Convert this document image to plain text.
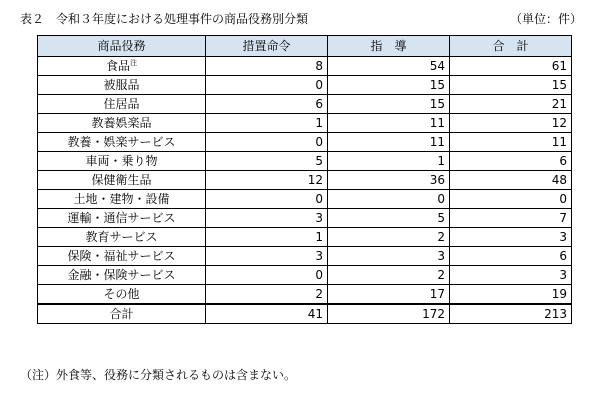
表２　令和３年度における処理事件の商品役務別分類	（単位：件）
商品役務	措置命令	指　導	合　計
食品$^注$	8	54	61
被服品	0	15	15
住居品	6	15	21
教養娯楽品	1	11	12
教養・娯楽サービス	0	11	11
車両・乗り物	5	1	6
保健衛生品	12	36	48
土地・建物・設備	0	0	0
運輸・通信サービス	3	5	7
教育サービス	1	2	3
保険・福祉サービス	3	3	6
金融・保険サービス	0	2	3
その他	2	17	19
合計	41	172	213
（注）外食等、役務に分類されるものは含まない。
